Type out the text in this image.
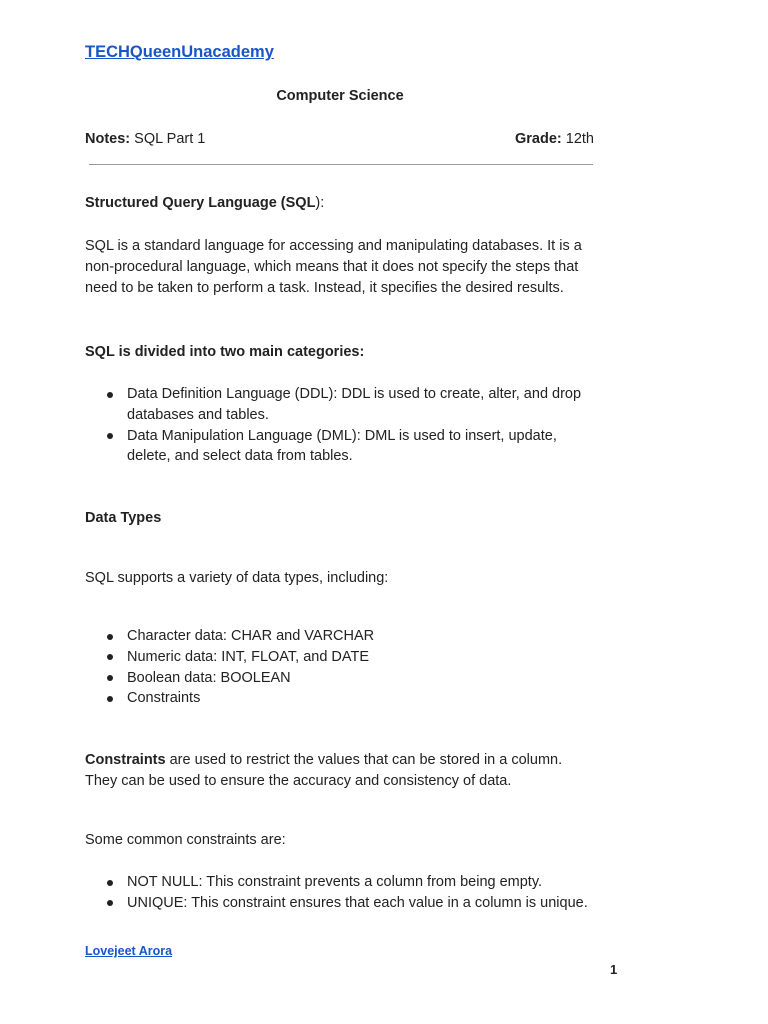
TECHQueenUnacademy
Computer Science
Notes: SQL Part 1	Grade: 12th
Structured Query Language (SQL):
SQL is a standard language for accessing and manipulating databases. It is a non-procedural language, which means that it does not specify the steps that need to be taken to perform a task. Instead, it specifies the desired results.
SQL is divided into two main categories:
Data Definition Language (DDL): DDL is used to create, alter, and drop databases and tables.
Data Manipulation Language (DML): DML is used to insert, update, delete, and select data from tables.
Data Types
SQL supports a variety of data types, including:
Character data: CHAR and VARCHAR
Numeric data: INT, FLOAT, and DATE
Boolean data: BOOLEAN
Constraints
Constraints are used to restrict the values that can be stored in a column. They can be used to ensure the accuracy and consistency of data.
Some common constraints are:
NOT NULL: This constraint prevents a column from being empty.
UNIQUE: This constraint ensures that each value in a column is unique.
Lovejeet Arora
1
